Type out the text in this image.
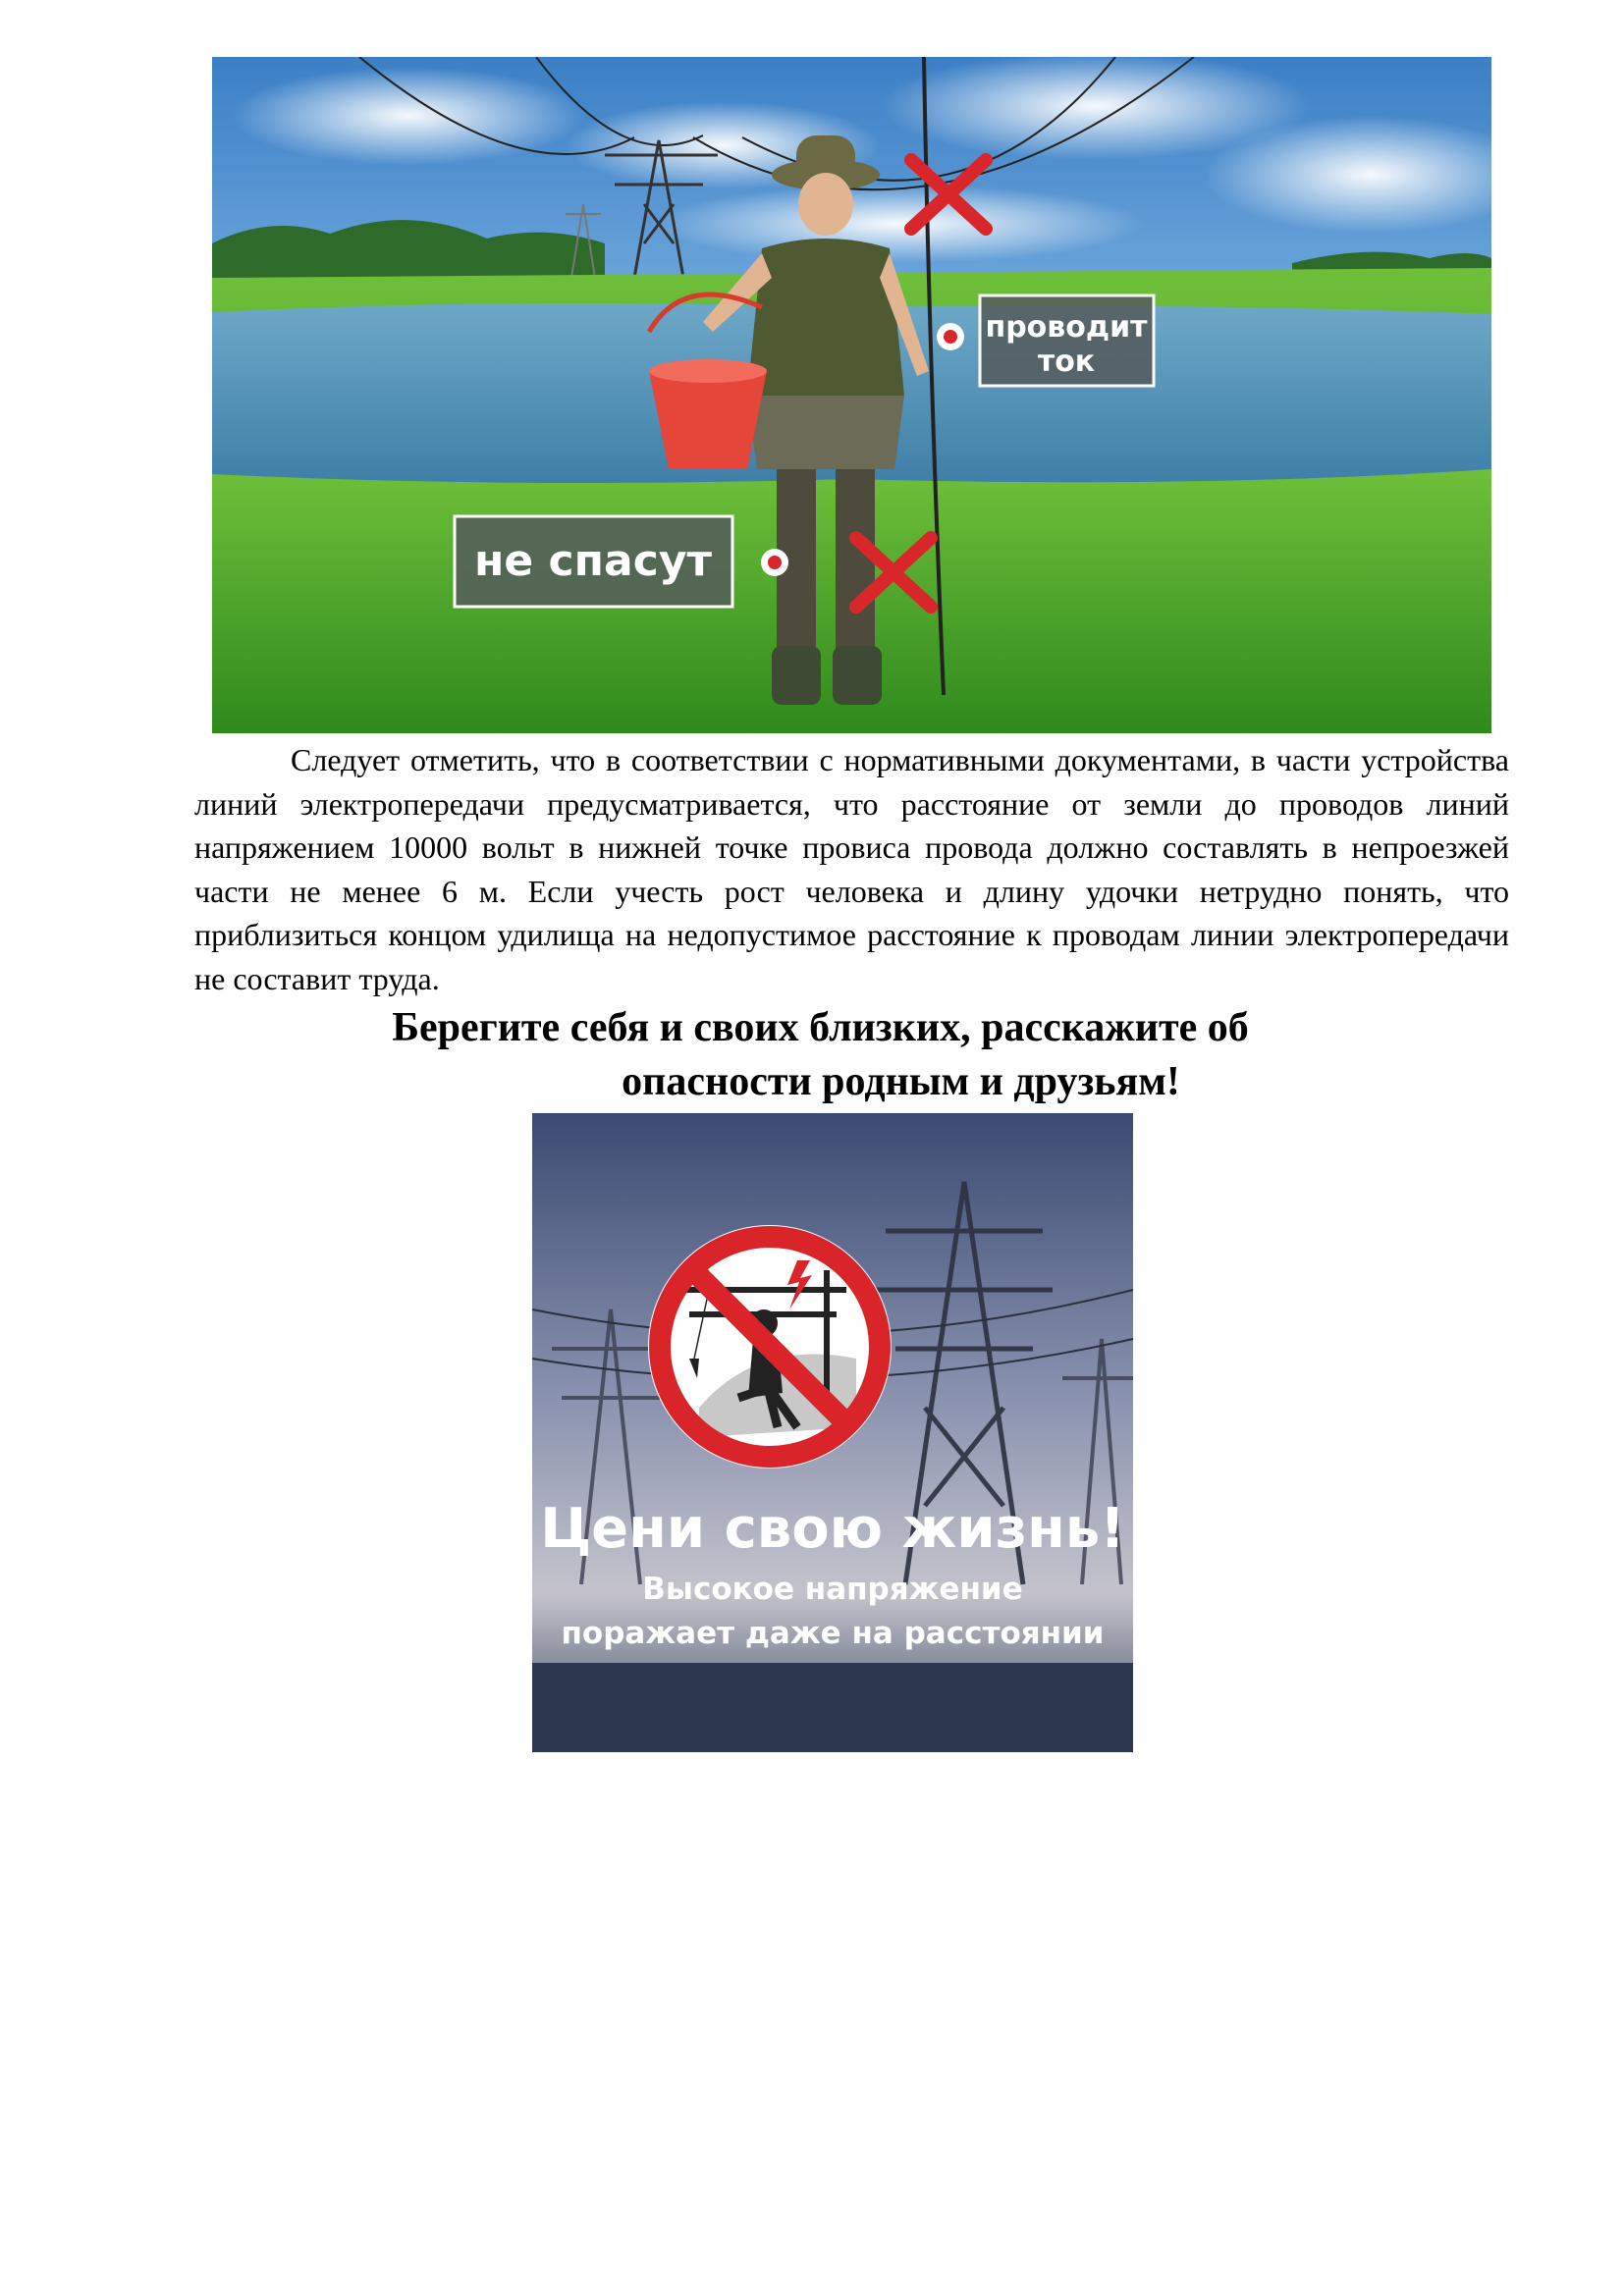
проводит
ток
не спасут

Следует отметить, что в соответствии с нормативными документами, в части устройства линий электропередачи предусматривается, что расстояние от земли до проводов линий напряжением 10000 вольт в нижней точке провиса провода должно составлять в непроезжей части не менее 6 м. Если учесть рост человека и длину удочки нетрудно понять, что приблизиться концом удилища на недопустимое расстояние к проводам линии электропередачи не составит труда.

Берегите себя и своих близких, расскажите об
опасности родным и друзьям!
Цени свою жизнь!
Высокое напряжение
поражает даже на расстоянии
